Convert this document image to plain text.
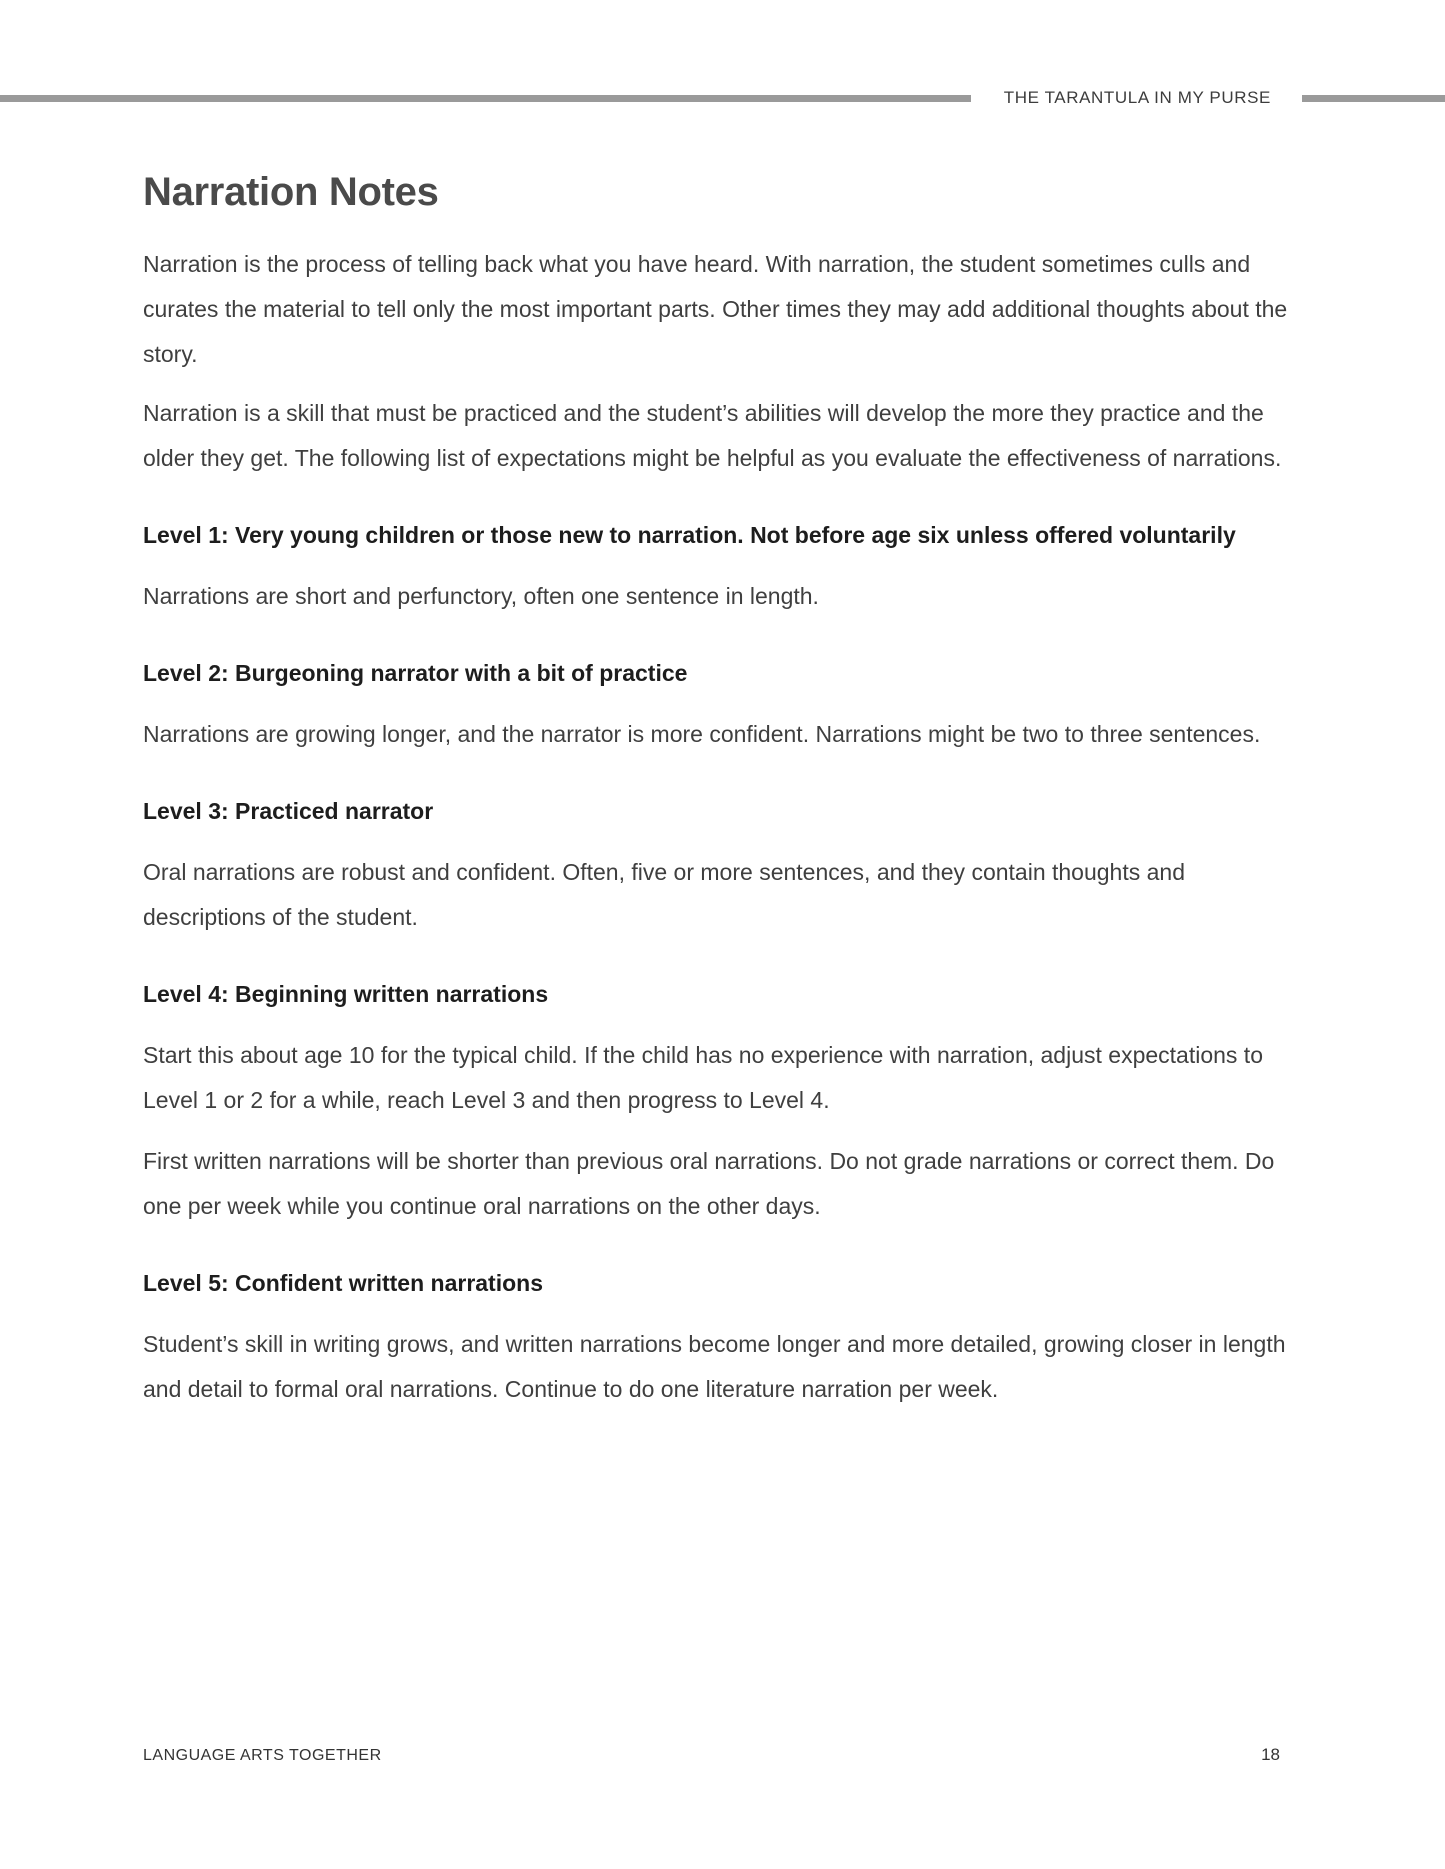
THE TARANTULA IN MY PURSE
Narration Notes

Narration is the process of telling back what you have heard. With narration, the student sometimes culls and curates the material to tell only the most important parts. Other times they may add additional thoughts about the story.

Narration is a skill that must be practiced and the student’s abilities will develop the more they practice and the older they get. The following list of expectations might be helpful as you evaluate the effectiveness of narrations.

Level 1: Very young children or those new to narration. Not before age six unless offered voluntarily

Narrations are short and perfunctory, often one sentence in length.

Level 2: Burgeoning narrator with a bit of practice

Narrations are growing longer, and the narrator is more confident. Narrations might be two to three sentences.

Level 3: Practiced narrator

Oral narrations are robust and confident. Often, five or more sentences, and they contain thoughts and descriptions of the student.

Level 4: Beginning written narrations

Start this about age 10 for the typical child. If the child has no experience with narration, adjust expectations to Level 1 or 2 for a while, reach Level 3 and then progress to Level 4.

First written narrations will be shorter than previous oral narrations. Do not grade narrations or correct them. Do one per week while you continue oral narrations on the other days.

Level 5: Confident written narrations

Student’s skill in writing grows, and written narrations become longer and more detailed, growing closer in length and detail to formal oral narrations. Continue to do one literature narration per week.

LANGUAGE ARTS TOGETHER	18
